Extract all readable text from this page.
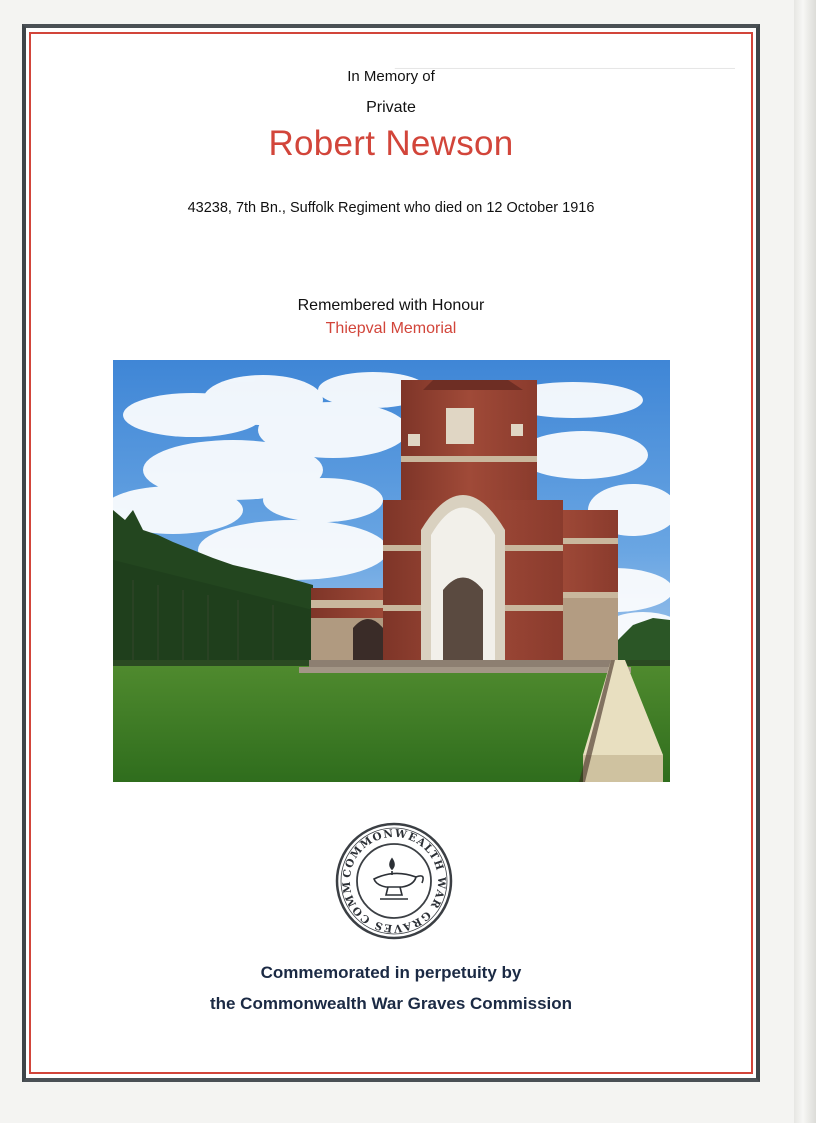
────────────────────────────────────────

In Memory of
Private
Robert Newson
43238, 7th Bn., Suffolk Regiment who died on 12 October 1916
Remembered with Honour
Thiepval Memorial
COMMONWEALTH WAR GRAVES COMM
Commemorated in perpetuity by
the Commonwealth War Graves Commission
